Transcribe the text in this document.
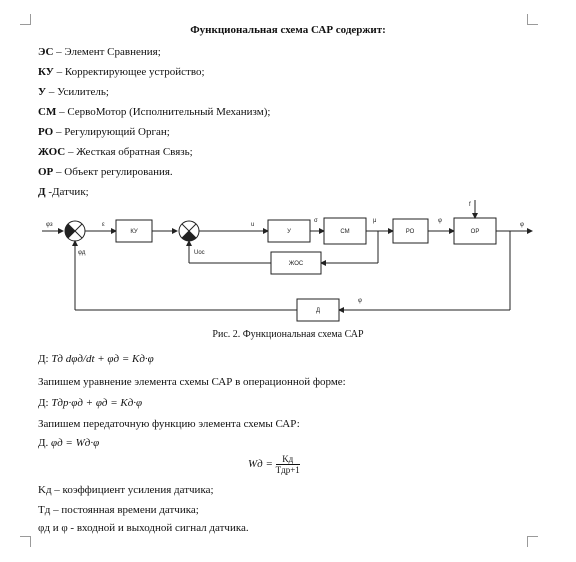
Функциональная схема САР содержит:
ЭС – Элемент Сравнения;
КУ – Корректирующее устройство;
У – Усилитель;
СМ – СервоМотор (Исполнительный Механизм);
РО – Регулирующий Орган;
ЖОС – Жесткая обратная Связь;
ОР – Объект регулирования.
Д -Датчик;
КУ	У	СМ	РО	ОР
ЖОС
Д
φз
φд
ε
Uос
u
σ	μ	φ
f
φ
φ
Рис. 2. Функциональная схема САР
Д: Tд dφд/dt + φд = Kд·φ
Запишем уравнение элемента схемы САР в операционной форме:
Д: Tдp·φд + φд = Kд·φ
Запишем передаточную функцию элемента схемы САР:
Д. φд = Wд·φ
Wд = $\frac{Kд}{\text{Tдp+1}}$
Kд – коэффициент усиления датчика;
Tд – постоянная времени датчика;
φд и φ - входной и выходной сигнал датчика.
